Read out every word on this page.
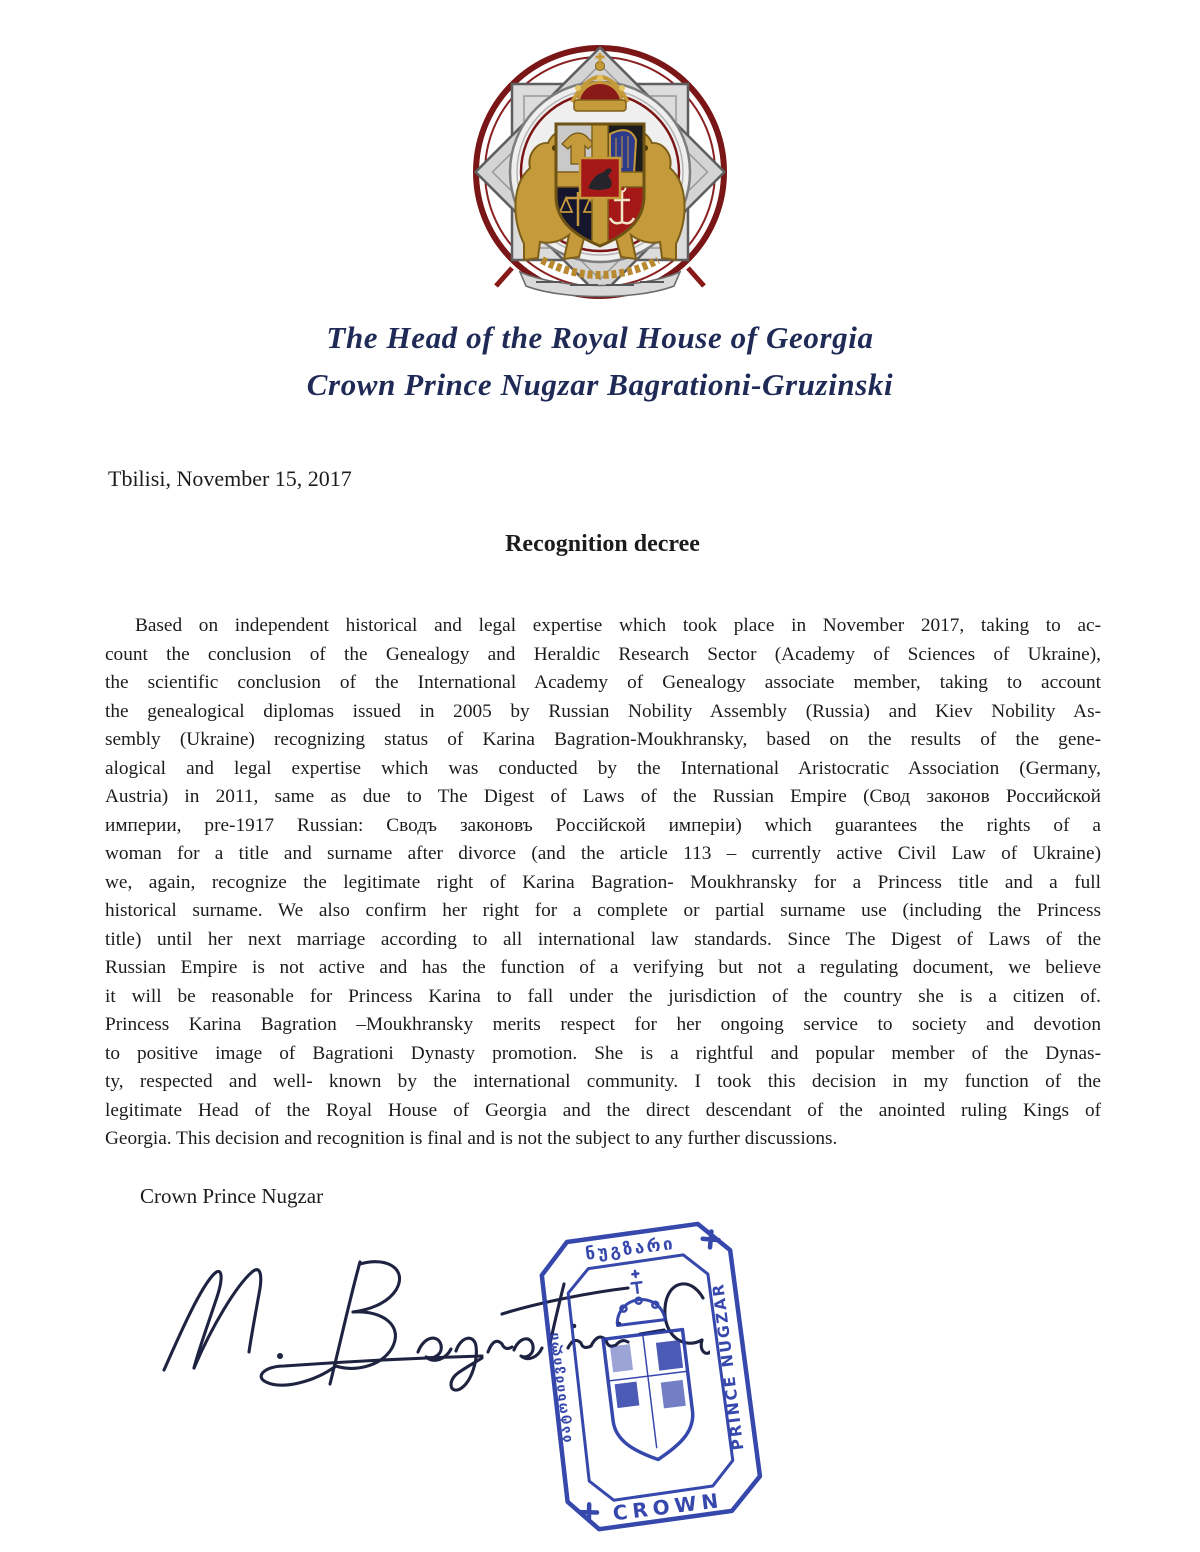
The Head of the Royal House of Georgia
Crown Prince Nugzar Bagrationi-Gruzinski
Tbilisi, November 15, 2017
Recognition decree
Based on independent historical and legal expertise which took place in November 2017, taking to ac-
count the conclusion of the Genealogy and Heraldic Research Sector (Academy of Sciences of Ukraine),
the scientific conclusion of the International Academy of Genealogy associate member, taking to account
the genealogical diplomas issued in 2005 by Russian Nobility Assembly (Russia) and Kiev Nobility As-
sembly (Ukraine) recognizing status of Karina Bagration-Moukhransky, based on the results of the gene-
alogical and legal expertise which was conducted by the International Aristocratic Association (Germany,
Austria) in 2011, same as due to The Digest of Laws of the Russian Empire (Свод законов Российской
империи, pre-1917 Russian: Сводъ законовъ Россійской имперіи) which guarantees the rights of a
woman for a title and surname after divorce (and the article 113 – currently active Civil Law of Ukraine)
we, again, recognize the legitimate right of Karina Bagration- Moukhransky for a Princess title and a full
historical surname. We also confirm her right for a complete or partial surname use (including the Princess
title) until her next marriage according to all international law standards. Since The Digest of Laws of the
Russian Empire is not active and has the function of a verifying but not a regulating document, we believe
it will be reasonable for Princess Karina to fall under the jurisdiction of the country she is a citizen of.
Princess Karina Bagration –Moukhransky merits respect for her ongoing service to society and devotion
to positive image of Bagrationi Dynasty promotion. She is a rightful and popular member of the Dynas-
ty, respected and well- known by the international community. I took this decision in my function of the
legitimate Head of the Royal House of Georgia and the direct descendant of the anointed ruling Kings of
Georgia. This decision and recognition is final and is not the subject to any further discussions.
Crown Prince Nugzar
ნუგზარი
PRINCE NUGZAR
ბატონიშვილი
CROWN
